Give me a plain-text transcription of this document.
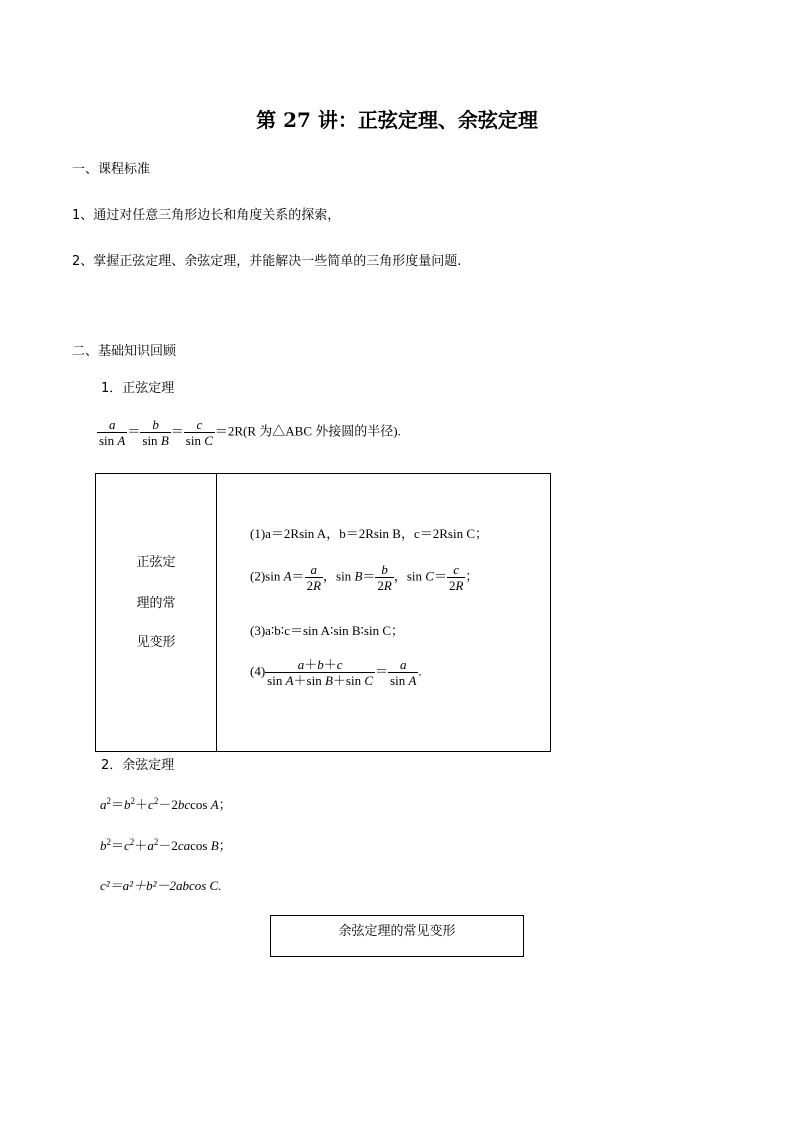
第 27 讲：正弦定理、余弦定理
一、课程标准
1、通过对任意三角形边长和角度关系的探索，
2、掌握正弦定理、余弦定理，并能解决一些简单的三角形度量问题.
二、基础知识回顾
1．正弦定理
$\frac{a}{\text{sin A}} = \frac{b}{\text{sin B}} = \frac{c}{\text{sin C}} =2R(R$ 为△ABC 外接圆的半径).
正弦定
理的常
见变形
(1)a＝2Rsin A，b＝2Rsin B，c＝2Rsin C；
(2)sin $A= \frac{a}{2R}$ ，$\sin B= \frac{b}{2R}$ ，$\sin C= \frac{c}{2R}$ ；
(3)a∶b∶c＝sin A∶sin B∶sin C；
$(4) \frac{a+b+c}{\text{sin A＋sin B＋sin C}} = \frac{a}{\text{sin A}}$ .
2．余弦定理
$a^2=b^2+c^2-2bccos$ A；
$b^2=c^2+a^2-2cacos$ B；
c²＝a²＋b²－2abcos C.
余弦定理的常见变形
